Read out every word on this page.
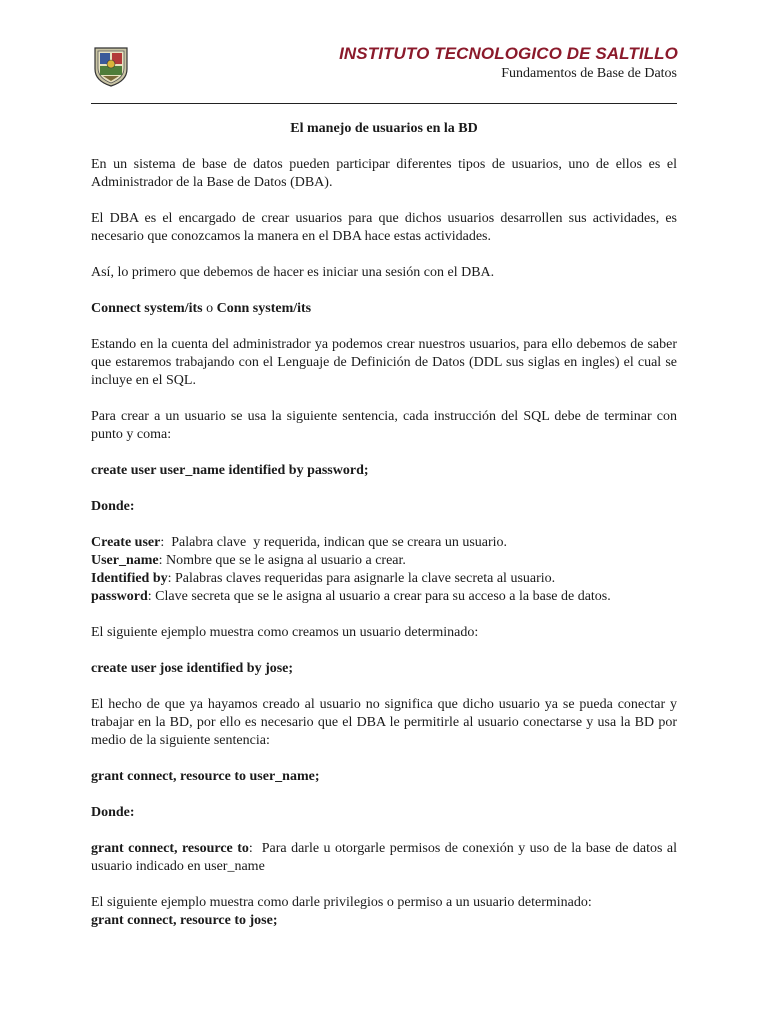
INSTITUTO TECNOLOGICO DE SALTILLO
Fundamentos de Base de Datos
El manejo de usuarios en la BD
En un sistema de base de datos pueden participar diferentes tipos de usuarios, uno de ellos es el Administrador de la Base de Datos (DBA).
El DBA es el encargado de crear usuarios para que dichos usuarios desarrollen sus actividades, es necesario que conozcamos la manera en el DBA hace estas actividades.
Así, lo primero que debemos de hacer es iniciar una sesión con el DBA.
Connect system/its o Conn system/its
Estando en la cuenta del administrador ya podemos crear nuestros usuarios, para ello debemos de saber que estaremos trabajando con el Lenguaje de Definición de Datos (DDL sus siglas en ingles) el cual se incluye en el SQL.
Para crear a un usuario se usa la siguiente sentencia, cada instrucción del SQL debe de terminar con punto y coma:
create user user_name identified by password;
Donde:
Create user:  Palabra clave  y requerida, indican que se creara un usuario.
User_name: Nombre que se le asigna al usuario a crear.
Identified by: Palabras claves requeridas para asignarle la clave secreta al usuario.
password: Clave secreta que se le asigna al usuario a crear para su acceso a la base de datos.
El siguiente ejemplo muestra como creamos un usuario determinado:
create user jose identified by jose;
El hecho de que ya hayamos creado al usuario no significa que dicho usuario ya se pueda conectar y trabajar en la BD, por ello es necesario que el DBA le permitirle al usuario conectarse y usa la BD por medio de la siguiente sentencia:
grant connect, resource to user_name;
Donde:
grant connect, resource to:  Para darle u otorgarle permisos de conexión y uso de la base de datos al usuario indicado en user_name
El siguiente ejemplo muestra como darle privilegios o permiso a un usuario determinado:
grant connect, resource to jose;
